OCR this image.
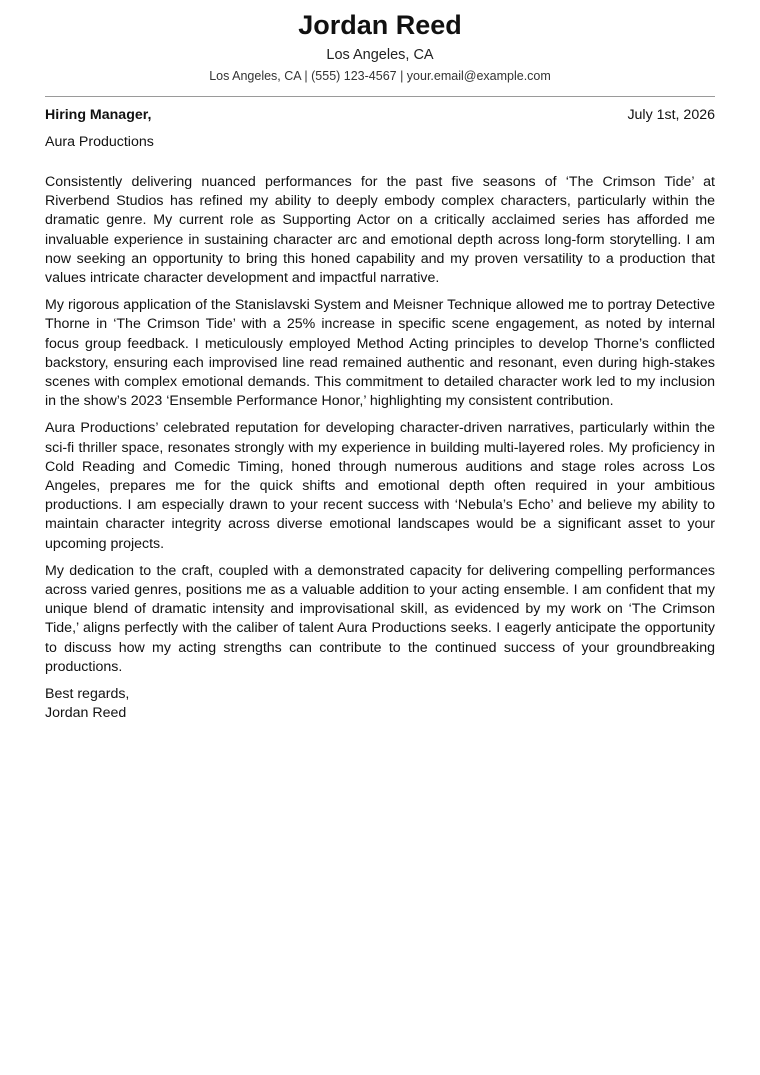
Jordan Reed
Los Angeles, CA
Los Angeles, CA | (555) 123-4567 | your.email@example.com
Hiring Manager,	July 1st, 2026
Aura Productions

Consistently delivering nuanced performances for the past five seasons of ‘The Crimson Tide’ at Riverbend Studios has refined my ability to deeply embody complex characters, particularly within the dramatic genre. My current role as Supporting Actor on a critically acclaimed series has afforded me invaluable experience in sustaining character arc and emotional depth across long-form storytelling. I am now seeking an opportunity to bring this honed capability and my proven versatility to a production that values intricate character development and impactful narrative.

My rigorous application of the Stanislavski System and Meisner Technique allowed me to portray Detective Thorne in ‘The Crimson Tide’ with a 25% increase in specific scene engagement, as noted by internal focus group feedback. I meticulously employed Method Acting principles to develop Thorne’s conflicted backstory, ensuring each improvised line read remained authentic and resonant, even during high-stakes scenes with complex emotional demands. This commitment to detailed character work led to my inclusion in the show’s 2023 ‘Ensemble Performance Honor,’ highlighting my consistent contribution.

Aura Productions’ celebrated reputation for developing character-driven narratives, particularly within the sci-fi thriller space, resonates strongly with my experience in building multi-layered roles. My proficiency in Cold Reading and Comedic Timing, honed through numerous auditions and stage roles across Los Angeles, prepares me for the quick shifts and emotional depth often required in your ambitious productions. I am especially drawn to your recent success with ‘Nebula’s Echo’ and believe my ability to maintain character integrity across diverse emotional landscapes would be a significant asset to your upcoming projects.

My dedication to the craft, coupled with a demonstrated capacity for delivering compelling performances across varied genres, positions me as a valuable addition to your acting ensemble. I am confident that my unique blend of dramatic intensity and improvisational skill, as evidenced by my work on ‘The Crimson Tide,’ aligns perfectly with the caliber of talent Aura Productions seeks. I eagerly anticipate the opportunity to discuss how my acting strengths can contribute to the continued success of your groundbreaking productions.

Best regards,
Jordan Reed
